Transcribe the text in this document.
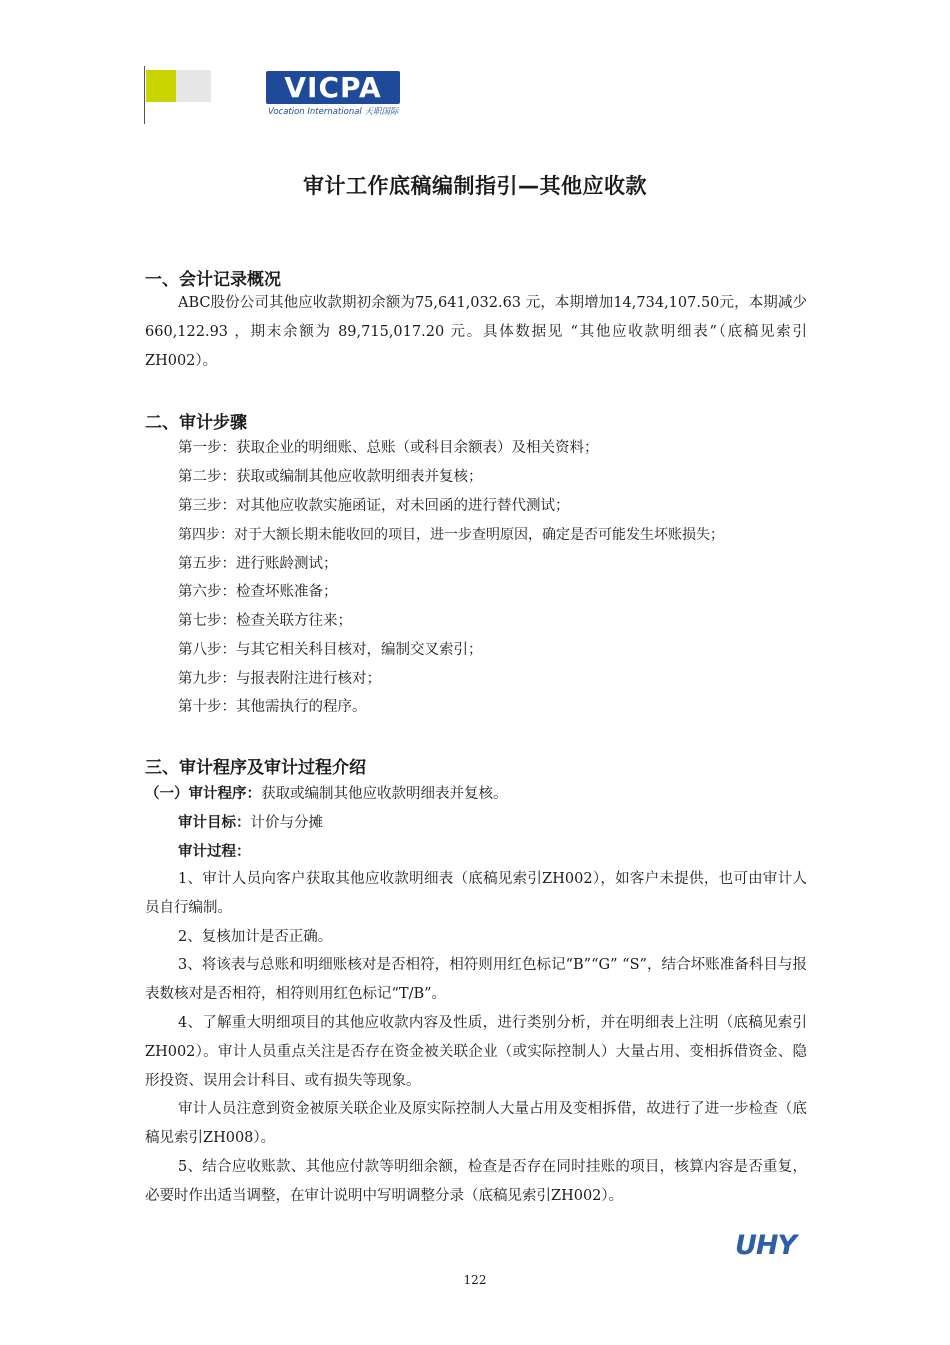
VICPA
Vocation International 天职国际
审计工作底稿编制指引—其他应收款
一、会计记录概况

ABC股份公司其他应收款期初余额为75,641,032.63 元，本期增加14,734,107.50元，本期减少 660,122.93 ，期末余额为 89,715,017.20 元。具体数据见 “其他应收款明细表”（底稿见索引ZH002）。

二、审计步骤
第一步：获取企业的明细账、总账（或科目余额表）及相关资料；
第二步：获取或编制其他应收款明细表并复核；
第三步：对其他应收款实施函证，对未回函的进行替代测试；
第四步：对于大额长期未能收回的项目，进一步查明原因，确定是否可能发生坏账损失；
第五步：进行账龄测试；
第六步：检查坏账准备；
第七步：检查关联方往来；
第八步：与其它相关科目核对，编制交叉索引；
第九步：与报表附注进行核对；
第十步：其他需执行的程序。
三、审计程序及审计过程介绍
（一）审计程序：获取或编制其他应收款明细表并复核。
审计目标：计价与分摊
审计过程：

1、审计人员向客户获取其他应收款明细表（底稿见索引ZH002），如客户未提供，也可由审计人员自行编制。

2、复核加计是否正确。

3、将该表与总账和明细账核对是否相符，相符则用红色标记“B”“G” “S”，结合坏账准备科目与报表数核对是否相符，相符则用红色标记“T/B”。

4、了解重大明细项目的其他应收款内容及性质，进行类别分析，并在明细表上注明（底稿见索引ZH002）。审计人员重点关注是否存在资金被关联企业（或实际控制人）大量占用、变相拆借资金、隐形投资、误用会计科目、或有损失等现象。

审计人员注意到资金被原关联企业及原实际控制人大量占用及变相拆借，故进行了进一步检查（底稿见索引ZH008）。

5、结合应收账款、其他应付款等明细余额，检查是否存在同时挂账的项目，核算内容是否重复，必要时作出适当调整，在审计说明中写明调整分录（底稿见索引ZH002）。

UHY
122
